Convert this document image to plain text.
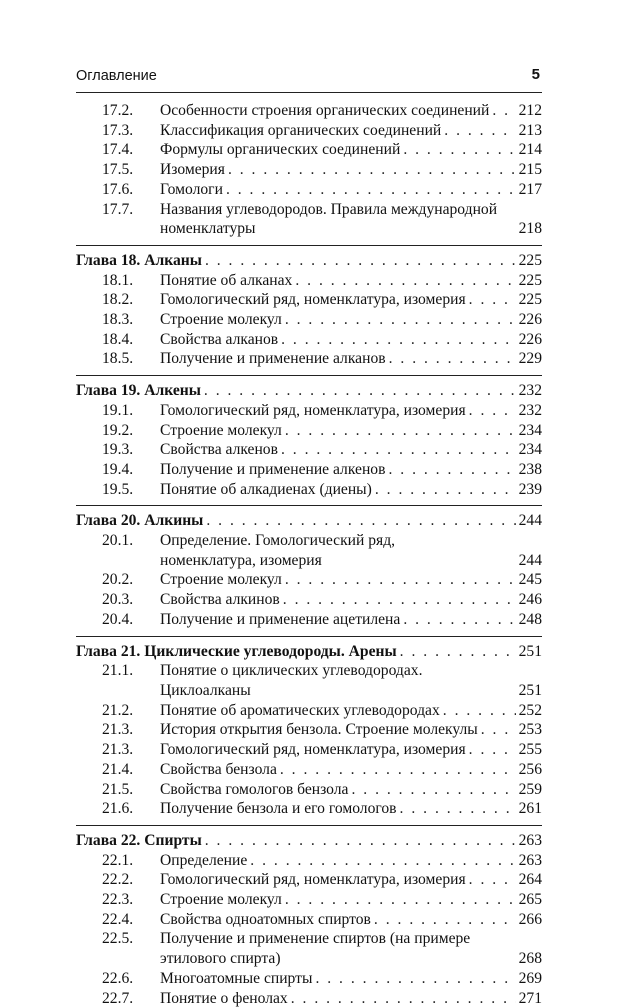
Оглавление	5
17.2.	Особенности строения органических соединений . . . 212
17.3.	Классификация органических соединений . . .	213
17.4.	Формулы органических соединений . . .	214
17.5.	Изомерия . . .	215
17.6.	Гомологи . . .	217
17.7. Названия углеводородов. Правила международной
номенклатуры	218
Глава 18. Алканы . . .	225
18.1.	Понятие об алканах . . .	225
18.2.	Гомологический ряд, номенклатура, изомерия . . .	225
18.3.	Строение молекул . . .	226
18.4.	Свойства алканов . . .	226
18.5.	Получение и применение алканов . . .	229
Глава 19. Алкены . . .	232
19.1.	Гомологический ряд, номенклатура, изомерия . . .	232
19.2.	Строение молекул . . .	234
19.3.	Свойства алкенов . . .	234
19.4.	Получение и применение алкенов . . .	238
19.5.	Понятие об алкадиенах (диены) . . .	239
Глава 20. Алкины . . .	244
20.1. Определение. Гомологический ряд,
номенклатура, изомерия	244
20.2.	Строение молекул . . .	245
20.3.	Свойства алкинов . . .	246
20.4.	Получение и применение ацетилена . . .	248
Глава 21. Циклические углеводороды. Арены . . .	251
21.1. Понятие о циклических углеводородах.
Циклоалканы	251
21.2.	Понятие об ароматических углеводородах . . .	252
21.3.	История открытия бензола. Строение молекулы . . .	253
21.3.	Гомологический ряд, номенклатура, изомерия . . .	255
21.4.	Свойства бензола . . .	256
21.5.	Свойства гомологов бензола . . .	259
21.6.	Получение бензола и его гомологов . . .	261
Глава 22. Спирты . . .	263
22.1.	Определение . . .	263
22.2.	Гомологический ряд, номенклатура, изомерия . . .	264
22.3.	Строение молекул . . .	265
22.4.	Свойства одноатомных спиртов . . .	266
22.5. Получение и применение спиртов (на примере
этилового спирта)	268
22.6.	Многоатомные спирты . . .	269
22.7.	Понятие о фенолах . . .	271
